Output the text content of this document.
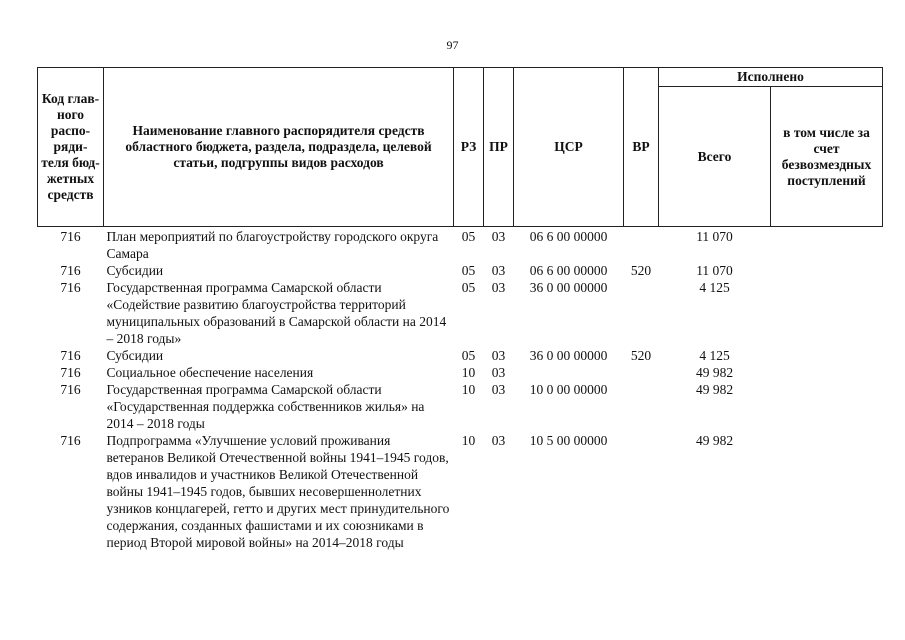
97
Код глав-ного распо-ряди-теля бюд-жетных средств	Наименование главного распорядителя средств областного бюджета, раздела, подраздела, целевой статьи, подгруппы видов расходов	РЗ	ПР	ЦСР	ВР	Исполнено	
						Всего	в том числе за счет безвозмездных поступлений
716	План мероприятий по благоустройству городского округа Самара	05	03	06 6 00 00000		11 070	
716	Субсидии	05	03	06 6 00 00000	520	11 070	
716	Государственная программа Самарской области «Содействие развитию благоустройства территорий муниципальных образований в Самарской области на 2014 – 2018 годы»	05	03	36 0 00 00000		4 125	
716	Субсидии	05	03	36 0 00 00000	520	4 125	
716	Социальное обеспечение населения	10	03			49 982	
716	Государственная программа Самарской области «Государственная поддержка собственников жилья» на 2014 – 2018 годы	10	03	10 0 00 00000		49 982	
716	Подпрограмма «Улучшение условий проживания ветеранов Великой Отечественной войны 1941–1945 годов, вдов инвалидов и участников Великой Отечественной войны 1941–1945 годов, бывших несовершеннолетних узников концлагерей, гетто и других мест принудительного содержания, созданных фашистами и их союзниками в период Второй мировой войны» на 2014–2018 годы	10	03	10 5 00 00000		49 982	
